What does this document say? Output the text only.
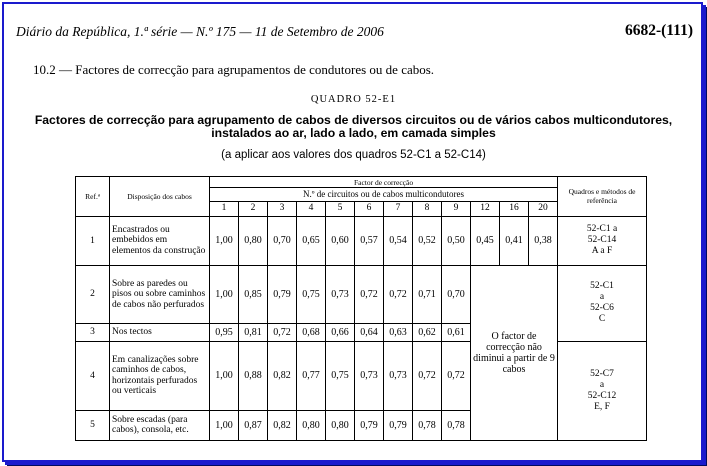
Diário da República, 1.ª série — N.º 175 — 11 de Setembro de 2006	6682-(111)
10.2 — Factores de correcção para agrupamentos de condutores ou de cabos.
QUADRO 52-E1
Factores de correcção para agrupamento de cabos de diversos circuitos ou de vários cabos multicondutores,
instalados ao ar, lado a lado, em camada simples
(a aplicar aos valores dos quadros 52-C1 a 52-C14)
Ref.ª	Disposição dos cabos	Factor de correcção												Quadros e métodos de referência
		N.º de circuitos ou de cabos multicondutores												
		1	2	3	4	5	6	7	8	9	12	16	20	
1	Encastrados ou embebidos em elementos da construção	1,00	0,80	0,70	0,65	0,60	0,57	0,54	0,52	0,50	0,45	0,41	0,38	52-C1 a
52-C14
A a F

2	Sobre as paredes ou pisos ou sobre caminhos de cabos não perfurados	1,00	0,85	0,79	0,75	0,73	0,72	0,72	0,71	0,70	O factor de correcção não diminui a partir de 9 cabos			52-C1
a
52-C6
C

3	Nos tectos	0,95	0,81	0,72	0,68	0,66	0,64	0,63	0,62	0,61				
4	Em canalizações sobre caminhos de cabos, horizontais perfurados ou verticais	1,00	0,88	0,82	0,77	0,75	0,73	0,73	0,72	0,72				52-C7
a
52-C12
E, F

5	Sobre escadas (para cabos), consola, etc.	1,00	0,87	0,82	0,80	0,80	0,79	0,79	0,78	0,78				
